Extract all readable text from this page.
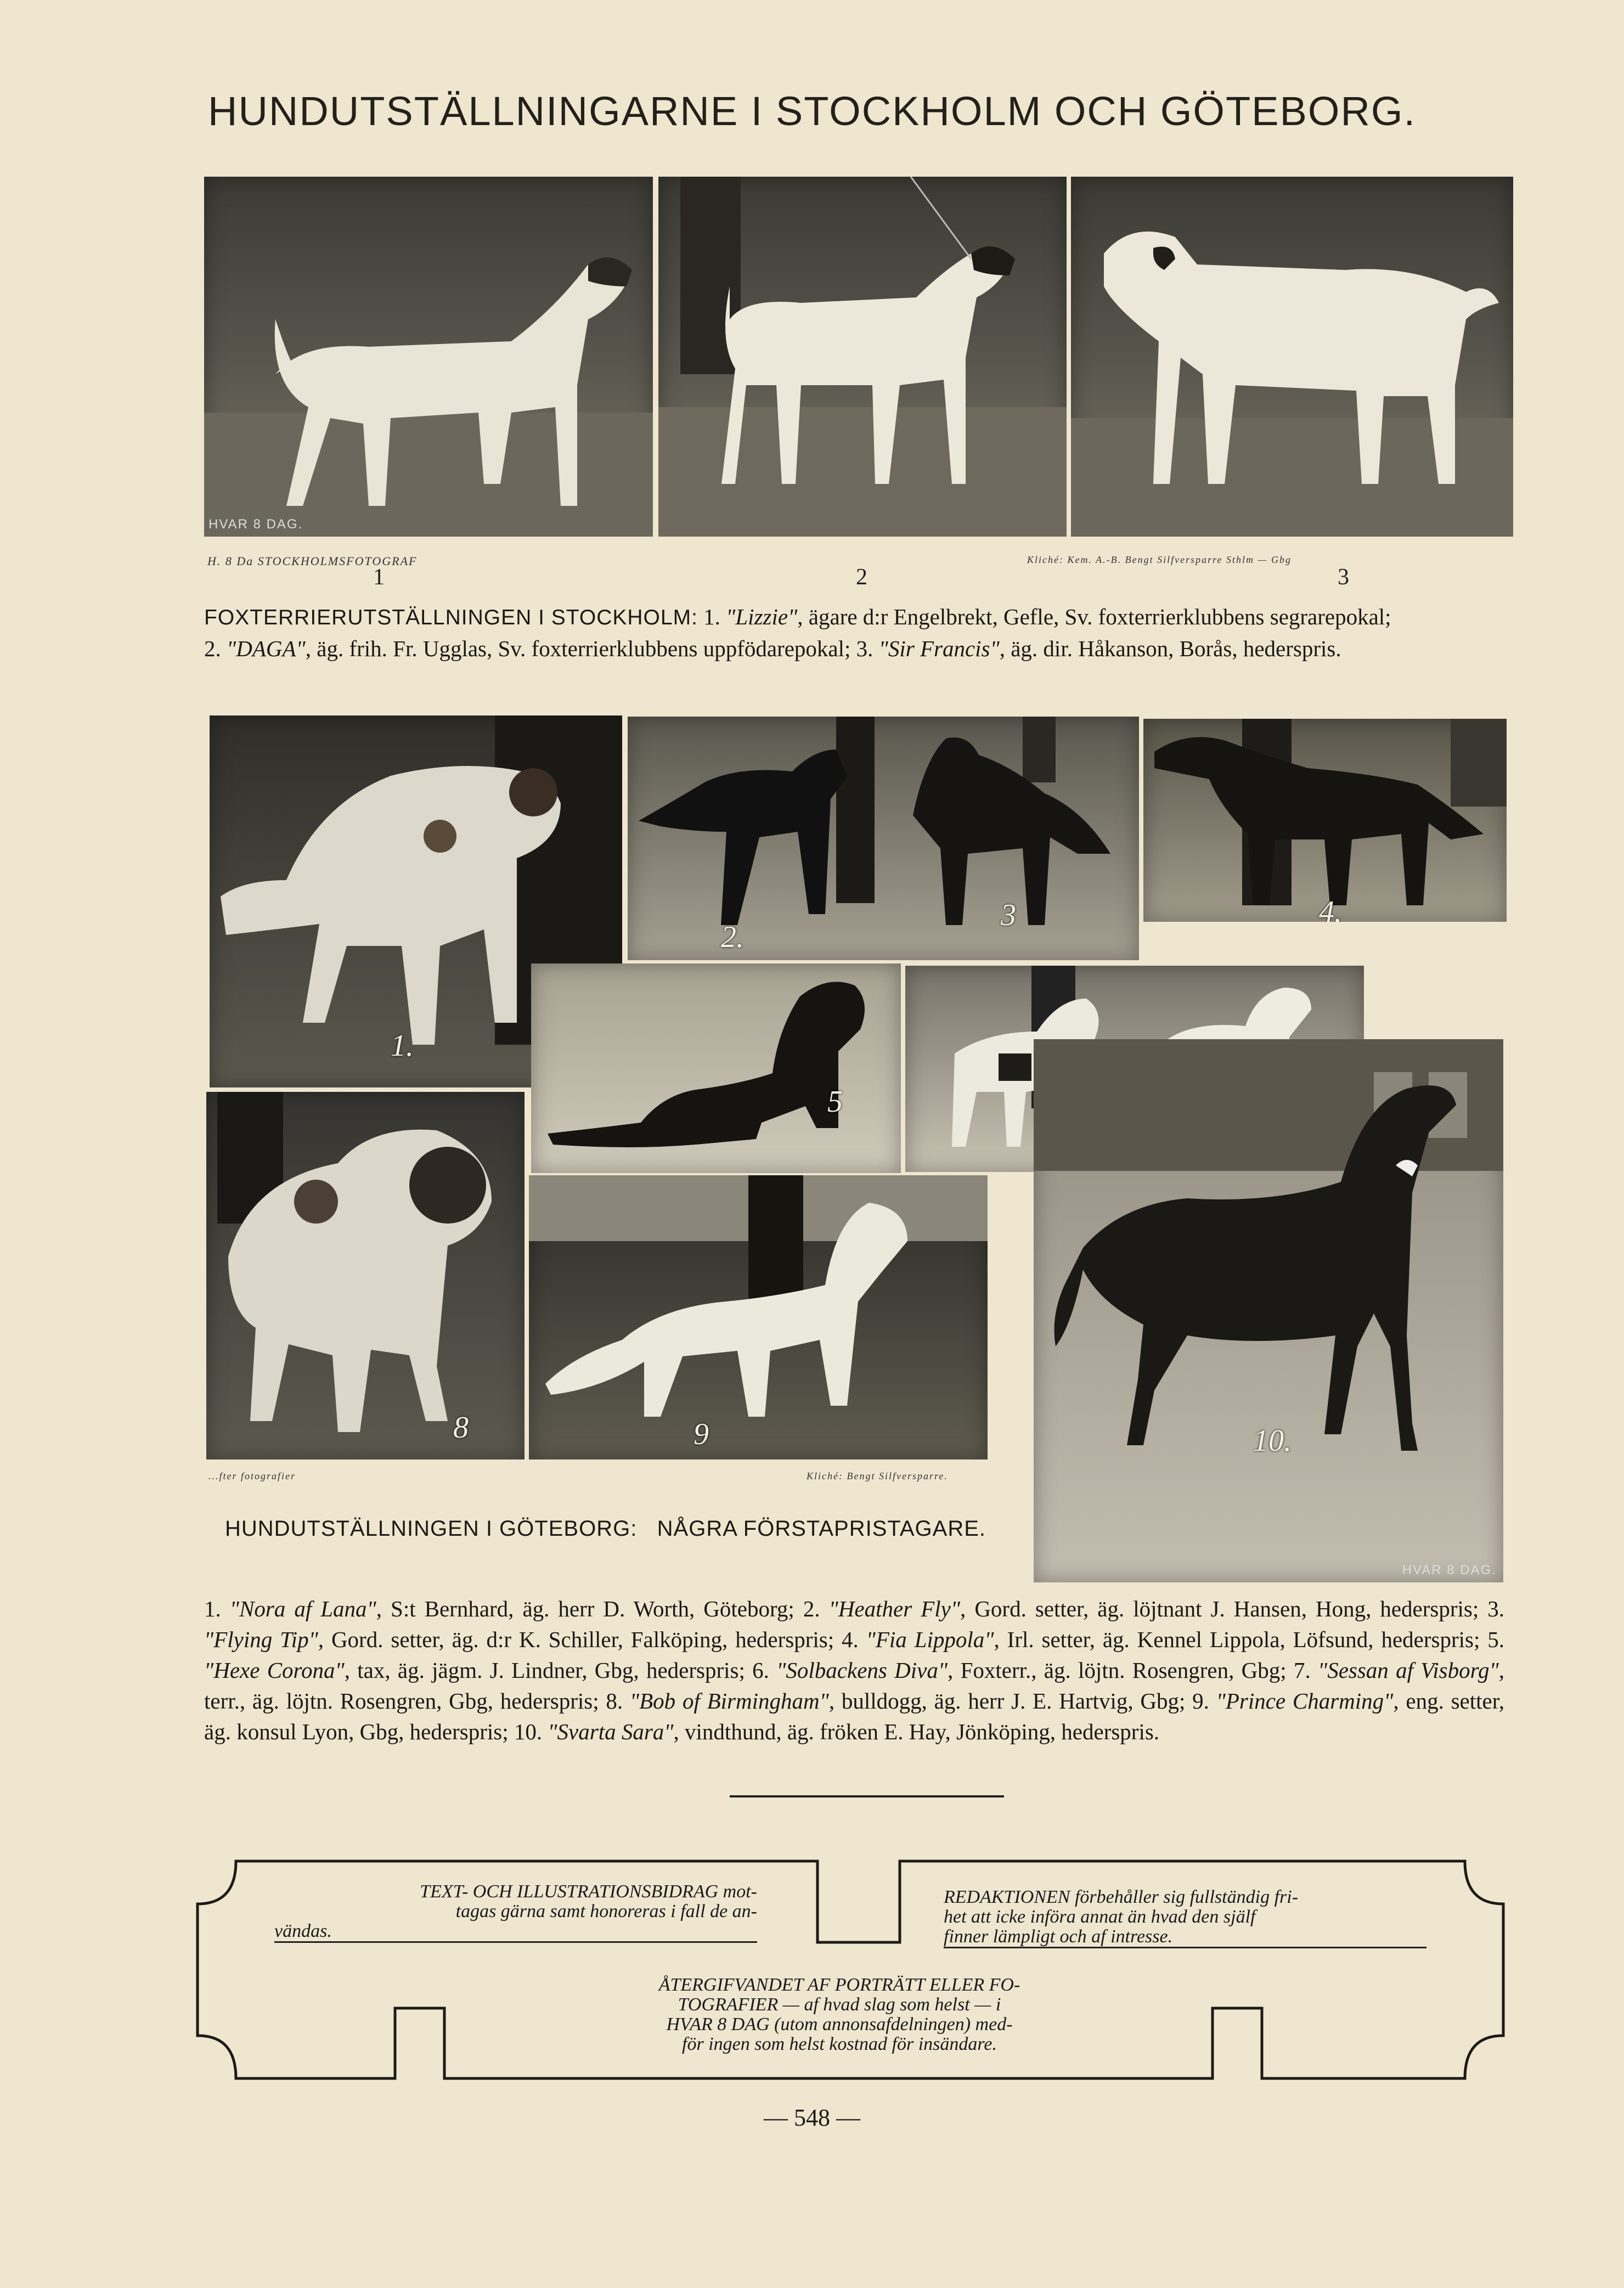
HUNDUTSTÄLLNINGARNE I STOCKHOLM OCH GÖTEBORG.
HVAR 8 DAG.
H. 8 Da STOCKHOLMSFOTOGRAF	Kliché: Kem. A.-B. Bengt Silfversparre Sthlm — Gbg
1	2	3
FOXTERRIERUTSTÄLLNINGEN I STOCKHOLM: 1. "Lizzie", ägare d:r Engelbrekt, Gefle, Sv. foxterrierklubbens segrarepokal;
2. "DAGA", äg. frih. Fr. Ugglas, Sv. foxterrierklubbens uppfödarepokal; 3. "Sir Francis", äg. dir. Håkanson, Borås, hederspris.
1.
2.
3	4.
5
8	9	10.
HVAR 8 DAG.
...fter fotografier	Kliché: Bengt Silfversparre.
HUNDUTSTÄLLNINGEN I GÖTEBORG:   NÅGRA FÖRSTAPRISTAGARE.
1. "Nora af Lana", S:t Bernhard, äg. herr D. Worth, Göteborg; 2. "Heather Fly", Gord. setter, äg. löjtnant J. Hansen, Hong, hederspris; 3. "Flying Tip", Gord. setter, äg. d:r K. Schiller, Falköping, hederspris; 4. "Fia Lippola", Irl. setter, äg. Kennel Lippola, Löfsund, hederspris; 5. "Hexe Corona", tax, äg. jägm. J. Lindner, Gbg, hederspris; 6. "Solbackens Diva", Foxterr., äg. löjtn. Rosengren, Gbg; 7. "Sessan af Visborg", terr., äg. löjtn. Rosengren, Gbg, hederspris; 8. "Bob of Birmingham", bulldogg, äg. herr J. E. Hartvig, Gbg; 9. "Prince Charming", eng. setter, äg. konsul Lyon, Gbg, hederspris; 10. "Svarta Sara", vindthund, äg. fröken E. Hay, Jönköping, hederspris.
TEXT- OCH ILLUSTRATIONSBIDRAG mot-
tagas gärna samt honoreras i fall de an-
vändas.
REDAKTIONEN förbehåller sig fullständig fri-
het att icke införa annat än hvad den själf
finner lämpligt och af intresse.
ÅTERGIFVANDET AF PORTRÄTT ELLER FO-
TOGRAFIER — af hvad slag som helst — i
HVAR 8 DAG (utom annonsafdelningen) med-
för ingen som helst kostnad för insändare.
— 548 —
